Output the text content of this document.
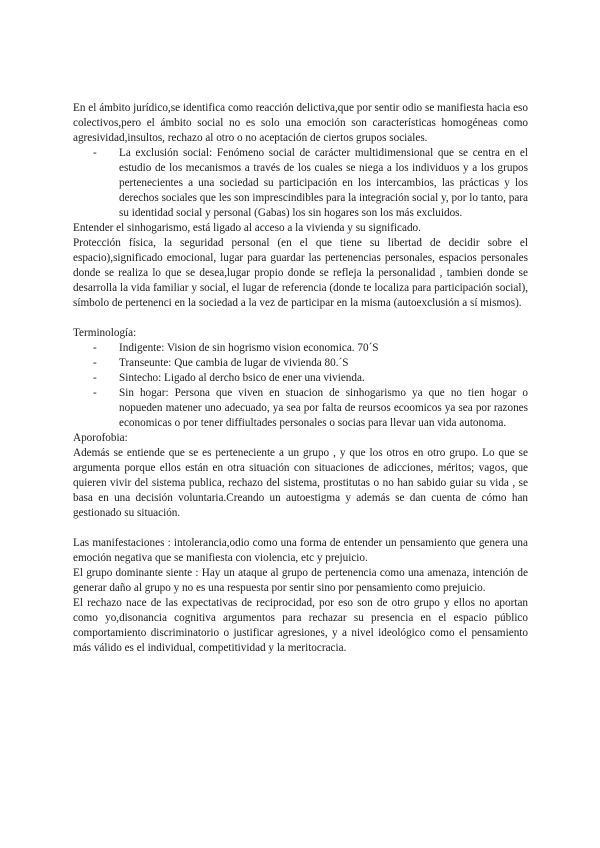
En el ámbito jurídico,se identifica como reacción delictiva,que por sentir odio se manifiesta hacia eso colectivos,pero el ámbito social no es solo una emoción son características homogéneas como agresividad,insultos, rechazo al otro o no aceptación de ciertos grupos sociales.

- La exclusión social: Fenómeno social de carácter multidimensional que se centra en el estudio de los mecanismos a través de los cuales se niega a los individuos y a los grupos pertenecientes a una sociedad su participación en los intercambios, las prácticas y los derechos sociales que les son imprescindibles para la integración social y, por lo tanto, para su identidad social y personal (Gabas) los sin hogares son los más excluidos.

Entender el sinhogarismo, está ligado al acceso a la vivienda y su significado.

Protección física, la seguridad personal (en el que tiene su libertad de decidir sobre el espacio),significado emocional, lugar para guardar las pertenencias personales, espacios personales donde se realiza lo que se desea,lugar propio donde se refleja la personalidad , tambien donde se desarrolla la vida familiar y social, el lugar de referencia (donde te localiza para participación social), símbolo de pertenenci en la sociedad a la vez de participar en la misma (autoexclusión a sí mismos).

Terminología:

- Indigente: Vision de sin hogrismo vision economica. 70´S
- Transeunte: Que cambia de lugar de vivienda 80.´S
- Sintecho: Ligado al dercho bsico de ener una vivienda.
- Sin hogar: Persona que viven en stuacion de sinhogarismo ya que no tien hogar o nopueden matener uno adecuado, ya sea por falta de reursos ecoomicos ya sea por razones economicas o por tener diffiultades personales o socias para llevar uan vida autonoma.

Aporofobia:

Además se entiende que se es perteneciente a un grupo , y que los otros en otro grupo. Lo que se argumenta porque ellos están en otra situación con situaciones de adicciones, méritos; vagos, que quieren vivir del sistema publica, rechazo del sistema, prostitutas o no han sabido guiar su vida , se basa en una decisión voluntaria.Creando un autoestigma y además se dan cuenta de cómo han gestionado su situación.

Las manifestaciones : intolerancia,odio como una forma de entender un pensamiento que genera una emoción negativa que se manifiesta con violencia, etc y prejuicio.

El grupo dominante siente : Hay un ataque al grupo de pertenencia como una amenaza, intención de generar daño al grupo y no es una respuesta por sentir sino por pensamiento como prejuicio.

El rechazo nace de las expectativas de reciprocidad, por eso son de otro grupo y ellos no aportan como yo,disonancia cognitiva argumentos para rechazar su presencia en el espacio público comportamiento discriminatorio o justificar agresiones, y a nivel ideológico como el pensamiento más válido es el individual, competitividad y la meritocracia.
